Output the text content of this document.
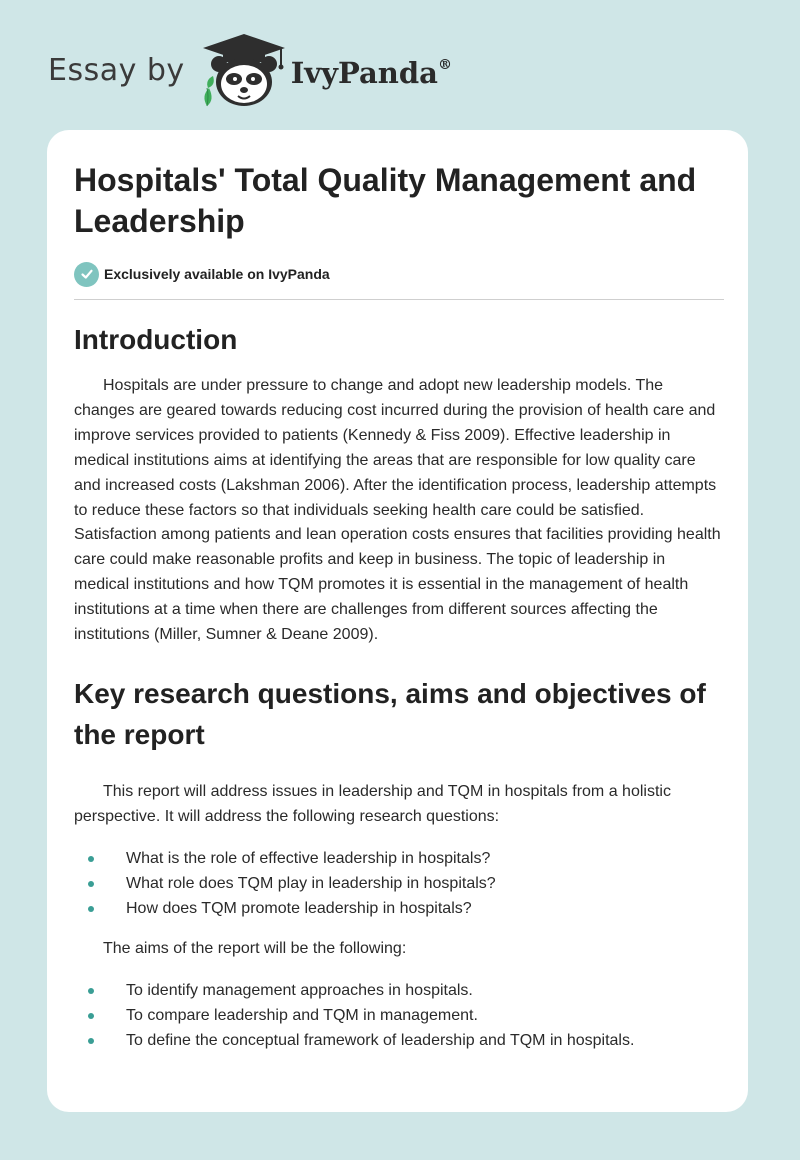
Essay by	IvyPanda®
Hospitals' Total Quality Management and Leadership
Exclusively available on IvyPanda
Introduction

Hospitals are under pressure to change and adopt new leadership models. The changes are geared towards reducing cost incurred during the provision of health care and improve services provided to patients (Kennedy & Fiss 2009). Effective leadership in medical institutions aims at identifying the areas that are responsible for low quality care and increased costs (Lakshman 2006). After the identification process, leadership attempts to reduce these factors so that individuals seeking health care could be satisfied. Satisfaction among patients and lean operation costs ensures that facilities providing health care could make reasonable profits and keep in business. The topic of leadership in medical institutions and how TQM promotes it is essential in the management of health institutions at a time when there are challenges from different sources affecting the institutions (Miller, Sumner & Deane 2009).

Key research questions, aims and objectives of the report

This report will address issues in leadership and TQM in hospitals from a holistic perspective. It will address the following research questions:

What is the role of effective leadership in hospitals?
What role does TQM play in leadership in hospitals?
How does TQM promote leadership in hospitals?

The aims of the report will be the following:

To identify management approaches in hospitals.
To compare leadership and TQM in management.
To define the conceptual framework of leadership and TQM in hospitals.
